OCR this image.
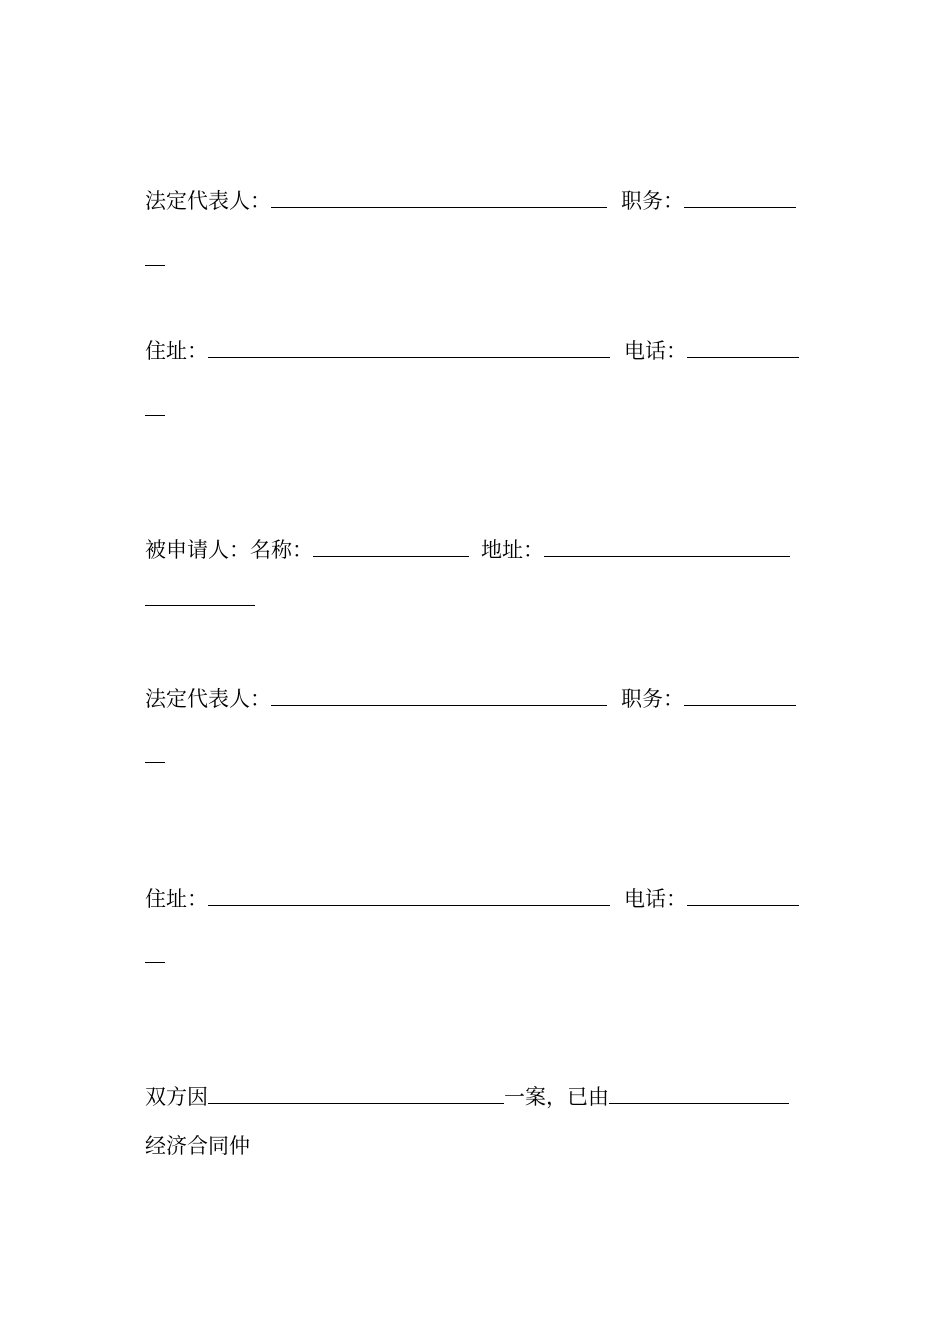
法定代表人：	职务：
住址：	电话：
被申请人：名称：	地址：
法定代表人：	职务：
住址：	电话：
双方因	一案，已由
经济合同仲
